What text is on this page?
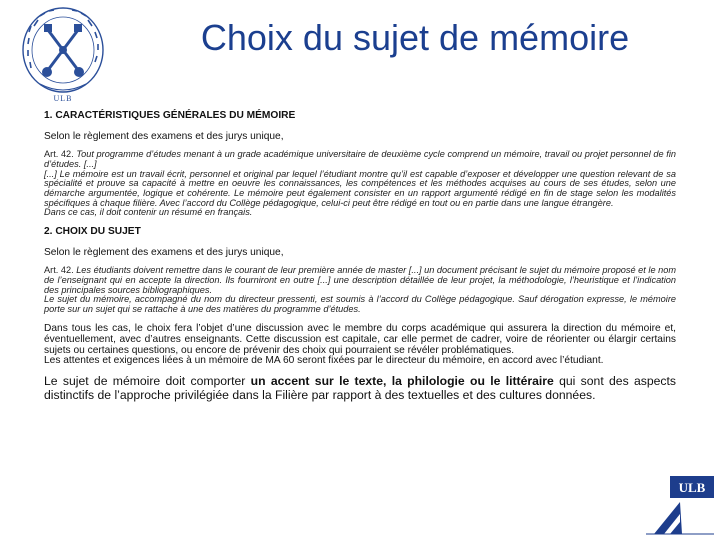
ULB
Choix du sujet de mémoire
1. CARACTÉRISTIQUES GÉNÉRALES DU MÉMOIRE
Selon le règlement des examens et des jurys unique,

Art. 42. Tout programme d’études menant à un grade académique universitaire de deuxième cycle comprend un mémoire, travail ou projet personnel de fin d’études. [...]

[...] Le mémoire est un travail écrit, personnel et original par lequel l’étudiant montre qu’il est capable d’exposer et développer une question relevant de sa spécialité et prouve sa capacité à mettre en oeuvre les connaissances, les compétences et les méthodes acquises au cours de ses études, selon une démarche argumentée, logique et cohérente. Le mémoire peut également consister en un rapport argumenté rédigé en fin de stage selon les modalités spécifiques à chaque filière. Avec l’accord du Collège pédagogique, celui-ci peut être rédigé en tout ou en partie dans une langue étrangère.

Dans ce cas, il doit contenir un résumé en français.

2. CHOIX DU SUJET
Selon le règlement des examens et des jurys unique,

Art. 42. Les étudiants doivent remettre dans le courant de leur première année de master [...] un document précisant le sujet du mémoire proposé et le nom de l’enseignant qui en accepte la direction. Ils fourniront en outre [...] une description détaillée de leur projet, la méthodologie, l’heuristique et l’indication des principales sources bibliographiques.

Le sujet du mémoire, accompagné du nom du directeur pressenti, est soumis à l’accord du Collège pédagogique. Sauf dérogation expresse, le mémoire porte sur un sujet qui se rattache à une des matières du programme d’études.

Dans tous les cas, le choix fera l’objet d’une discussion avec le membre du corps académique qui assurera la direction du mémoire et, éventuellement, avec d’autres enseignants. Cette discussion est capitale, car elle permet de cadrer, voire de réorienter ou élargir certains sujets ou certaines questions, ou encore de prévenir des choix qui pourraient se révéler problématiques.

Les attentes et exigences liées à un mémoire de MA 60 seront fixées par le directeur du mémoire, en accord avec l’étudiant.

Le sujet de mémoire doit comporter un accent sur le texte, la philologie ou le littéraire qui sont des aspects distinctifs de l’approche privilégiée dans la Filière par rapport à des textuelles et des cultures données.
ULB
